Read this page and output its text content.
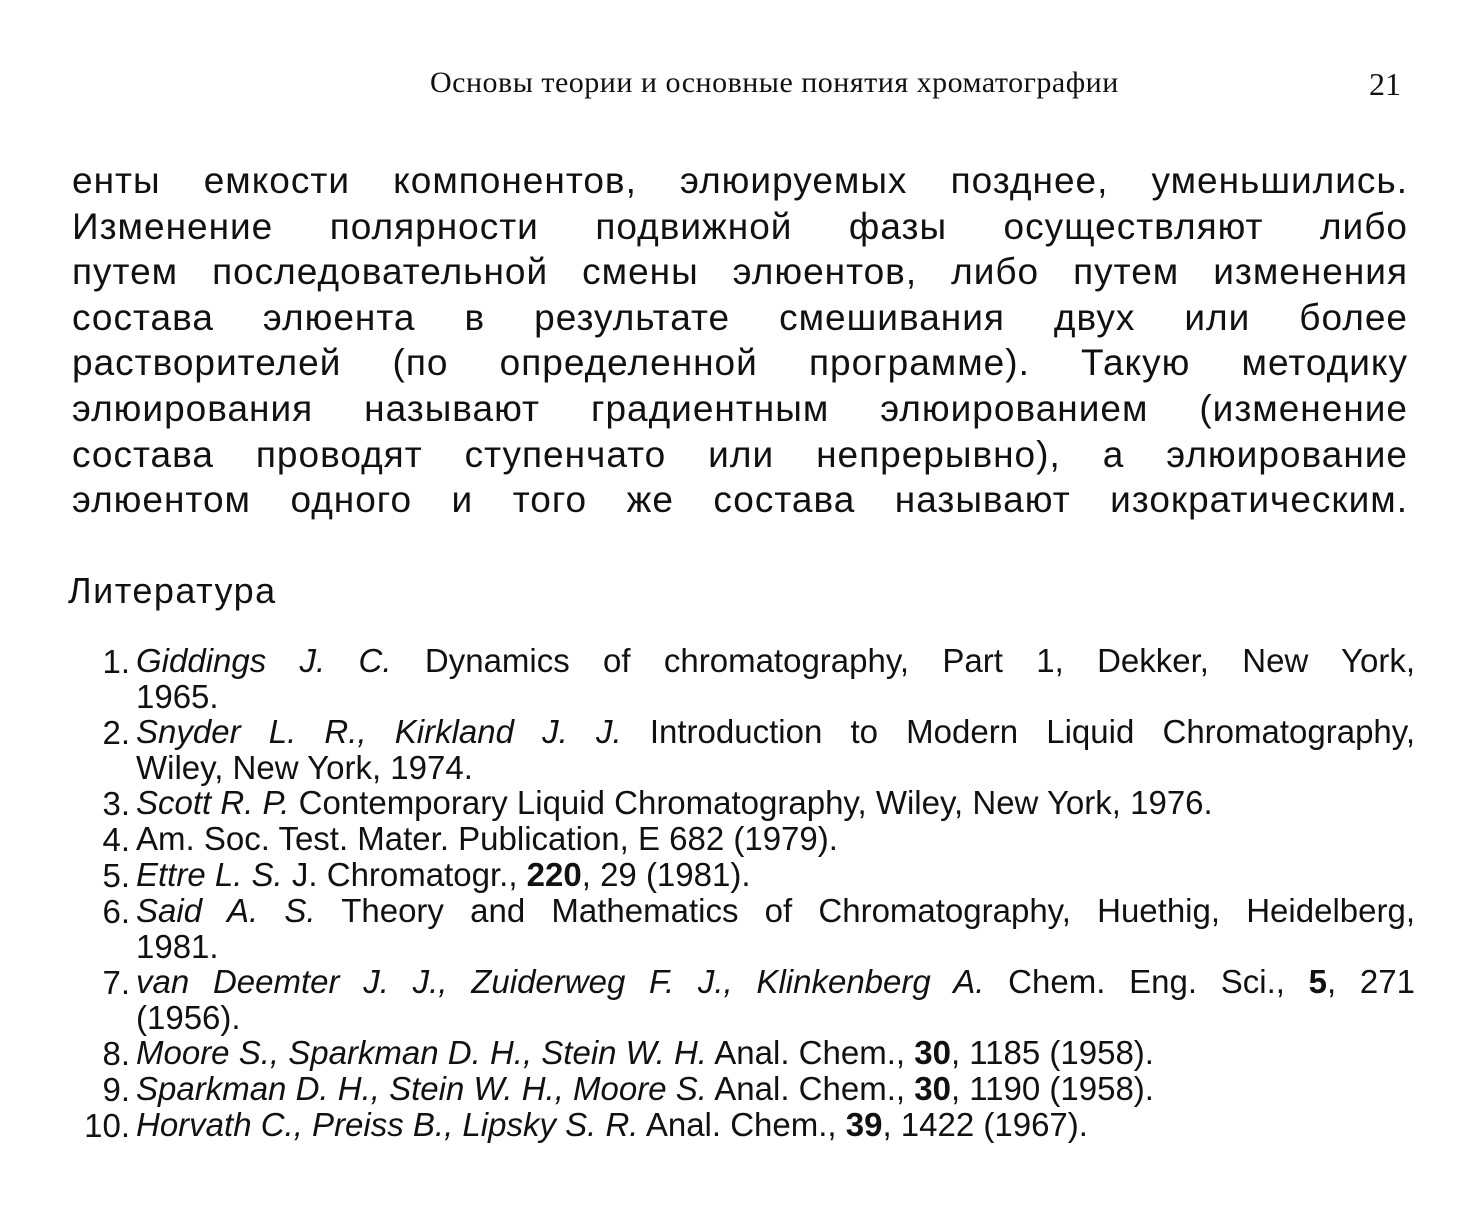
Основы теории и основные понятия хроматографии	21
енты емкости компонентов, элюируемых позднее, уменьшились.
Изменение полярности подвижной фазы осуществляют либо
путем последовательной смены элюентов, либо путем изменения
состава элюента в результате смешивания двух или более
растворителей (по определенной программе). Такую методику
элюирования называют градиентным элюированием (изменение
состава проводят ступенчато или непрерывно), а элюирование
элюентом одного и того же состава называют изократическим.
Литература
1. Giddings J. C. Dynamics of chromatography, Part 1, Dekker, New York,
1965.
2. Snyder L. R., Kirkland J. J. Introduction to Modern Liquid Chromatography,
Wiley, New York, 1974.
3. Scott R. P. Contemporary Liquid Chromatography, Wiley, New York, 1976.
4. Am. Soc. Test. Mater. Publication, E 682 (1979).
5. Ettre L. S. J. Chromatogr., 220, 29 (1981).
6. Said A. S. Theory and Mathematics of Chromatography, Huethig, Heidelberg,
1981.
7. van Deemter J. J., Zuiderweg F. J., Klinkenberg A. Chem. Eng. Sci., 5, 271
(1956).
8. Moore S., Sparkman D. H., Stein W. H. Anal. Chem., 30, 1185 (1958).
9. Sparkman D. H., Stein W. H., Moore S. Anal. Chem., 30, 1190 (1958).
10. Horvath C., Preiss B., Lipsky S. R. Anal. Chem., 39, 1422 (1967).
